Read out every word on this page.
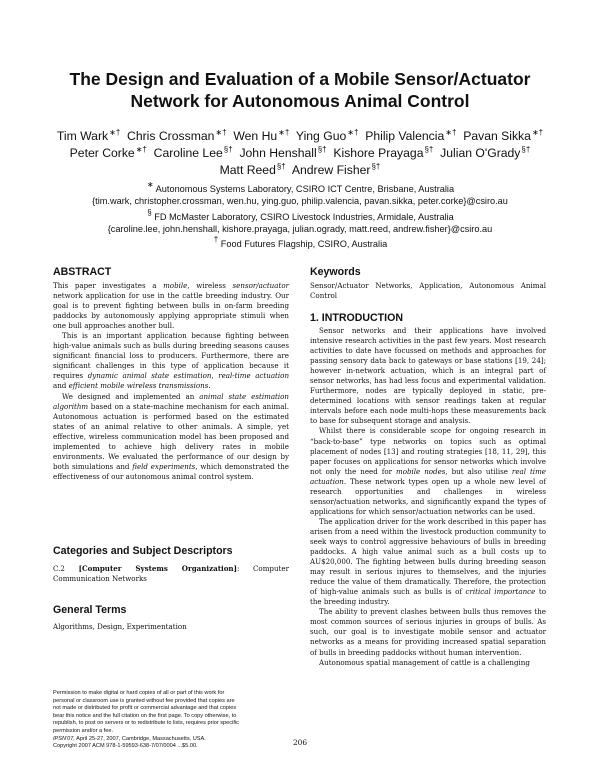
The Design and Evaluation of a Mobile Sensor/Actuator
Network for Autonomous Animal Control
Tim Wark∗† Chris Crossman∗† Wen Hu∗† Ying Guo∗† Philip Valencia∗† Pavan Sikka∗†
Peter Corke∗† Caroline Lee§† John Henshall§† Kishore Prayaga§† Julian O'Grady§†
Matt Reed§† Andrew Fisher§†
∗ Autonomous Systems Laboratory, CSIRO ICT Centre, Brisbane, Australia
{tim.wark, christopher.crossman, wen.hu, ying.guo, philip.valencia, pavan.sikka, peter.corke}@csiro.au
§ FD McMaster Laboratory, CSIRO Livestock Industries, Armidale, Australia
{caroline.lee, john.henshall, kishore.prayaga, julian.ogrady, matt.reed, andrew.fisher}@csiro.au
† Food Futures Flagship, CSIRO, Australia
ABSTRACT

This paper investigates a mobile, wireless sensor/actuator network application for use in the cattle breeding industry. Our goal is to prevent fighting between bulls in on-farm breeding paddocks by autonomously applying appropriate stimuli when one bull approaches another bull.

This is an important application because fighting between high-value animals such as bulls during breeding seasons causes significant financial loss to producers. Furthermore, there are significant challenges in this type of application because it requires dynamic animal state estimation, real-time actuation and efficient mobile wireless transmissions.

We designed and implemented an animal state estimation algorithm based on a state-machine mechanism for each animal. Autonomous actuation is performed based on the estimated states of an animal relative to other animals. A simple, yet effective, wireless communication model has been proposed and implemented to achieve high delivery rates in mobile environments. We evaluated the performance of our design by both simulations and field experiments, which demonstrated the effectiveness of our autonomous animal control system.

Categories and Subject Descriptors

C.2 [Computer Systems Organization]: Computer Communication Networks

General Terms

Algorithms, Design, Experimentation

Permission to make digital or hard copies of all or part of this work for
personal or classroom use is granted without fee provided that copies are
not made or distributed for profit or commercial advantage and that copies
bear this notice and the full citation on the first page. To copy otherwise, to
republish, to post on servers or to redistribute to lists, requires prior specific
permission and/or a fee.
IPSN'07, April 25-27, 2007, Cambridge, Massachusetts, USA.
Copyright 2007 ACM 978-1-59593-638-7/07/0004 ...$5.00.
Keywords

Sensor/Actuator Networks, Application, Autonomous Animal Control

1. INTRODUCTION

Sensor networks and their applications have involved intensive research activities in the past few years. Most research activities to date have focussed on methods and approaches for passing sensory data back to gateways or base stations [19, 24]; however in-network actuation, which is an integral part of sensor networks, has had less focus and experimental validation. Furthermore, nodes are typically deployed in static, pre-determined locations with sensor readings taken at regular intervals before each node multi-hops these measurements back to base for subsequent storage and analysis.

Whilst there is considerable scope for ongoing research in “back-to-base” type networks on topics such as optimal placement of nodes [13] and routing strategies [18, 11, 29], this paper focuses on applications for sensor networks which involve not only the need for mobile nodes, but also utilise real time actuation. These network types open up a whole new level of research opportunities and challenges in wireless sensor/actuation networks, and significantly expand the types of applications for which sensor/actuation networks can be used.

The application driver for the work described in this paper has arisen from a need within the livestock production community to seek ways to control aggressive behaviours of bulls in breeding paddocks. A high value animal such as a bull costs up to AU$20,000. The fighting between bulls during breeding season may result in serious injures to themselves, and the injuries reduce the value of them dramatically. Therefore, the protection of high-value animals such as bulls is of critical importance to the breeding industry.

The ability to prevent clashes between bulls thus removes the most common sources of serious injuries in groups of bulls. As such, our goal is to investigate mobile sensor and actuator networks as a means for providing increased spatial separation of bulls in breeding paddocks without human intervention.

Autonomous spatial management of cattle is a challenging

206
